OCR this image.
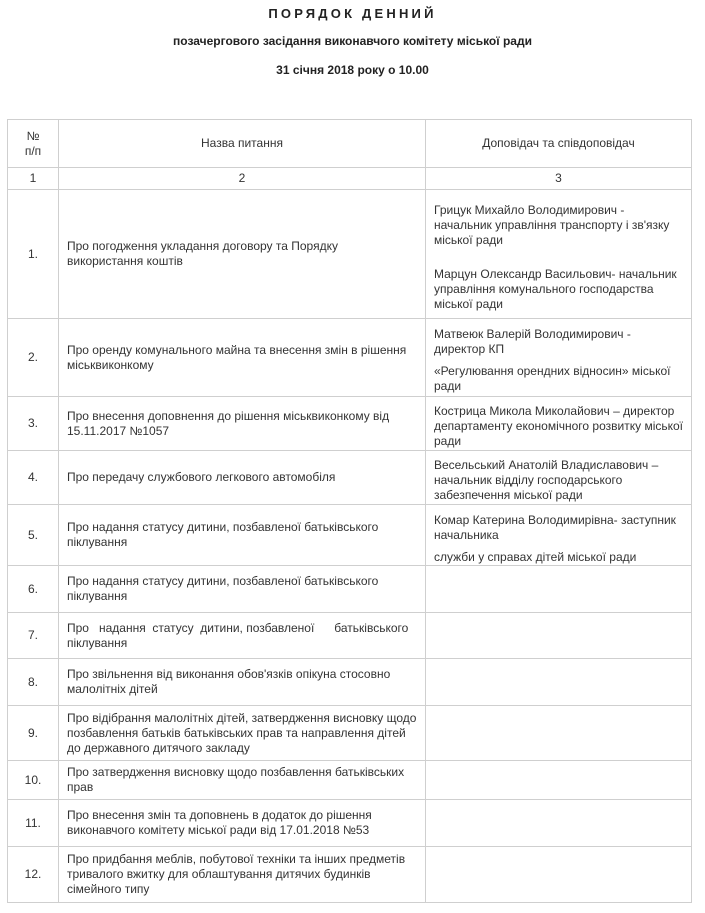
ПОРЯДОК ДЕННИЙ
позачергового засідання виконавчого комітету міської ради
31 січня 2018 року о 10.00
№ п/п	Назва питання	Доповідач та співдоповідач
1	2	3
1.	Про погодження укладання договору та Порядку використання коштів	Грицук Михайло Володимирович - начальник управління транспорту і зв'язку міської ради

Марцун Олександр Васильович- начальник управління комунального господарства міської ради

2.	Про оренду комунального майна та внесення змін в рішення міськвиконкому	Матвеюк Валерій Володимирович - директор КП

«Регулювання орендних відносин» міської ради

3.	Про внесення доповнення до рішення міськвиконкому від 15.11.2017 №1057	Кострица Микола Миколайович – директор департаменту економічного розвитку міської ради

4.	Про передачу службового легкового автомобіля	Весельський Анатолій Владиславович – начальник відділу господарського забезпечення міської ради

5.	Про надання статусу дитини, позбавленої батьківського піклування	Комар Катерина Володимирівна- заступник начальника

служби у справах дітей міської ради

6.	Про надання статусу дитини, позбавленої батьківського піклування	
7.	Про   надання  статусу  дитини, позбавленої      батьківського піклування	
8.	Про звільнення від виконання обов'язків опікуна стосовно малолітніх дітей	
9.	Про відібрання малолітніх дітей, затвердження висновку щодо позбавлення батьків батьківських прав та направлення дітей до державного дитячого закладу	
10.	Про затвердження висновку щодо позбавлення батьківських прав	
11.	Про внесення змін та доповнень в додаток до рішення виконавчого комітету міської ради від 17.01.2018 №53	
12.	Про придбання меблів, побутової техніки та інших предметів тривалого вжитку для облаштування дитячих будинків сімейного типу	
